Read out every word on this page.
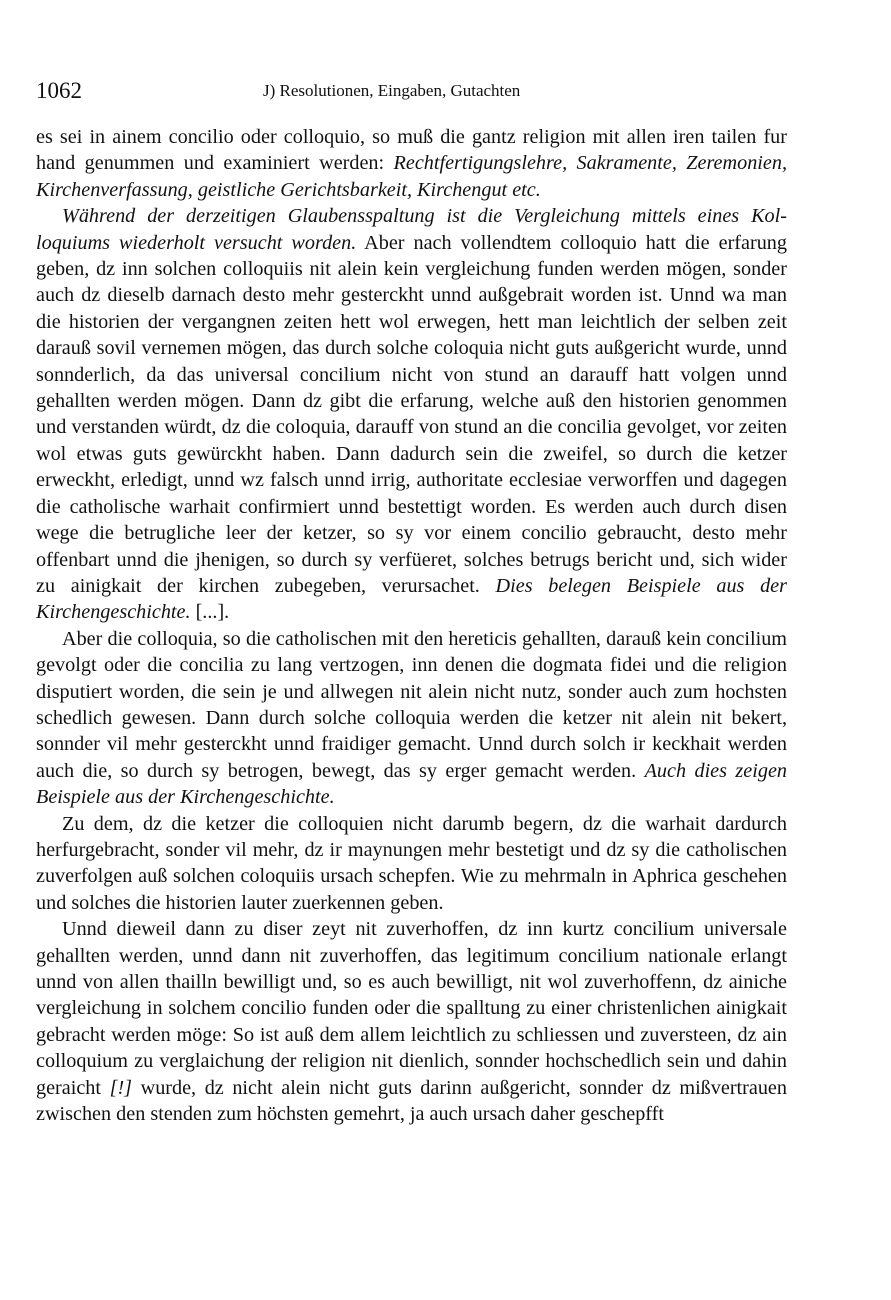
1062	J) Resolutionen, Eingaben, Gutachten

es sei in ainem concilio oder colloquio, so muß die gantz religion mit allen iren tailen fur hand genummen und examiniert werden: Rechtfertigungslehre, Sakramente, Zeremonien, Kirchenverfassung, geistliche Gerichtsbarkeit, Kirchengut etc.

Während der derzeitigen Glaubensspaltung ist die Vergleichung mittels eines Kolloquiums wiederholt versucht worden. Aber nach vollendtem colloquio hatt die erfarung geben, dz inn solchen colloquiis nit alein kein vergleichung funden werden mögen, sonder auch dz dieselb darnach desto mehr gesterckht unnd außgebrait worden ist. Unnd wa man die historien der vergangnen zeiten hett wol erwegen, hett man leichtlich der selben zeit darauß sovil vernemen mögen, das durch solche coloquia nicht guts außgericht wurde, unnd sonnderlich, da das universal concilium nicht von stund an darauff hatt volgen unnd gehallten werden mögen. Dann dz gibt die erfarung, welche auß den historien genommen und verstanden würdt, dz die coloquia, darauff von stund an die concilia gevolget, vor zeiten wol etwas guts gewürckht haben. Dann dadurch sein die zweifel, so durch die ketzer erweckht, erledigt, unnd wz falsch unnd irrig, authoritate ecclesiae verworffen und dagegen die catholische warhait confirmiert unnd bestettigt worden. Es werden auch durch disen wege die betrugliche leer der ketzer, so sy vor einem concilio gebraucht, desto mehr offenbart unnd die jhenigen, so durch sy verfüeret, solches betrugs bericht und, sich wider zu ainigkait der kirchen zubegeben, verursachet. Dies belegen Beispiele aus der Kirchengeschichte. [...].

Aber die colloquia, so die catholischen mit den hereticis gehallten, darauß kein concilium gevolgt oder die concilia zu lang vertzogen, inn denen die dogmata fidei und die religion disputiert worden, die sein je und allwegen nit alein nicht nutz, sonder auch zum hochsten schedlich gewesen. Dann durch solche colloquia werden die ketzer nit alein nit bekert, sonnder vil mehr gesterckht unnd fraidiger gemacht. Unnd durch solch ir keckhait werden auch die, so durch sy betrogen, bewegt, das sy erger gemacht werden. Auch dies zeigen Beispiele aus der Kirchengeschichte.

Zu dem, dz die ketzer die colloquien nicht darumb begern, dz die warhait dardurch herfurgebracht, sonder vil mehr, dz ir maynungen mehr bestetigt und dz sy die catholischen zuverfolgen auß solchen coloquiis ursach schepfen. Wie zu mehrmaln in Aphrica geschehen und solches die historien lauter zuerkennen geben.

Unnd dieweil dann zu diser zeyt nit zuverhoffen, dz inn kurtz concilium universale gehallten werden, unnd dann nit zuverhoffen, das legitimum concilium nationale erlangt unnd von allen thailln bewilligt und, so es auch bewilligt, nit wol zuverhoffenn, dz ainiche vergleichung in solchem concilio funden oder die spalltung zu einer christenlichen ainigkait gebracht werden möge: So ist auß dem allem leichtlich zu schliessen und zuversteen, dz ain colloquium zu verglaichung der religion nit dienlich, sonnder hochschedlich sein und dahin geraicht [!] wurde, dz nicht alein nicht guts darinn außgericht, sonnder dz mißvertrauen zwischen den stenden zum höchsten gemehrt, ja auch ursach daher geschepfft
